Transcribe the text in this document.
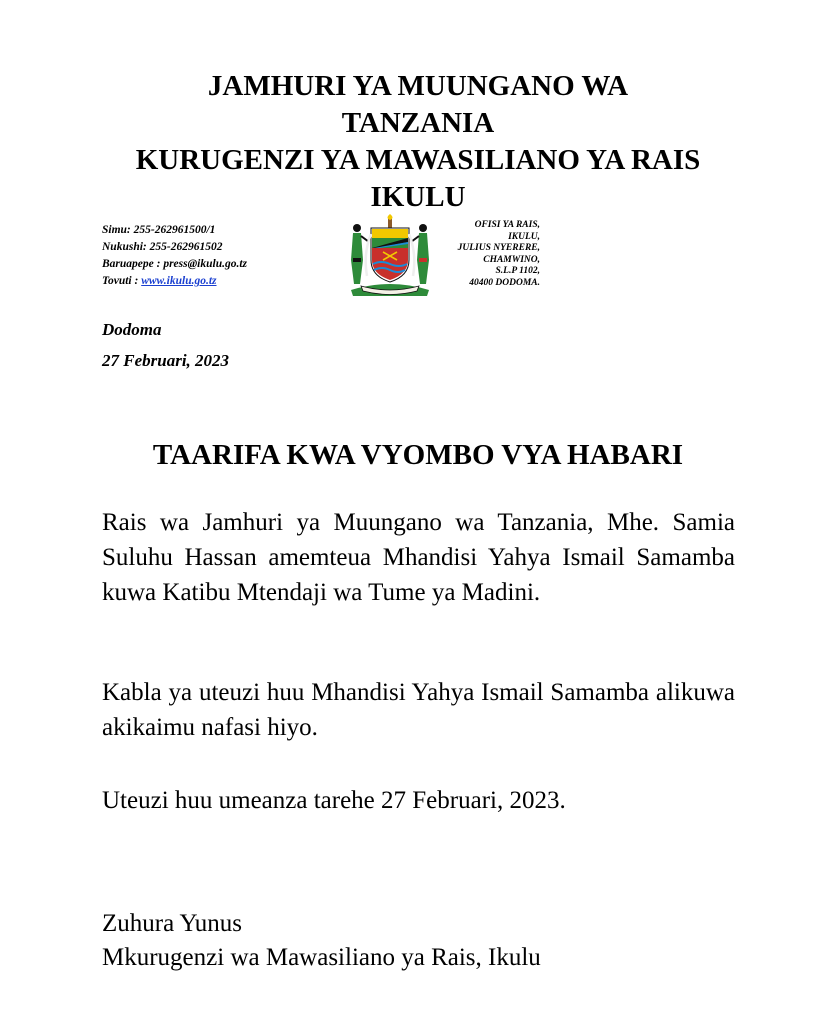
JAMHURI YA MUUNGANO WA
TANZANIA
KURUGENZI YA MAWASILIANO YA RAIS
IKULU
Simu: 255-262961500/1
Nukushi: 255-262961502
Baruapepe : press@ikulu.go.tz
Tovuti : www.ikulu.go.tz
OFISI YA RAIS,
IKULU,
JULIUS NYERERE,
CHAMWINO,
S.L.P 1102,
40400 DODOMA.
Dodoma
27 Februari, 2023
TAARIFA KWA VYOMBO VYA HABARI

Rais wa Jamhuri ya Muungano wa Tanzania, Mhe. Samia Suluhu Hassan amemteua Mhandisi Yahya Ismail Samamba kuwa Katibu Mtendaji wa Tume ya Madini.

Kabla ya uteuzi huu Mhandisi Yahya Ismail Samamba alikuwa akikaimu nafasi hiyo.

Uteuzi huu umeanza tarehe 27 Februari, 2023.

Zuhura Yunus
Mkurugenzi wa Mawasiliano ya Rais, Ikulu
